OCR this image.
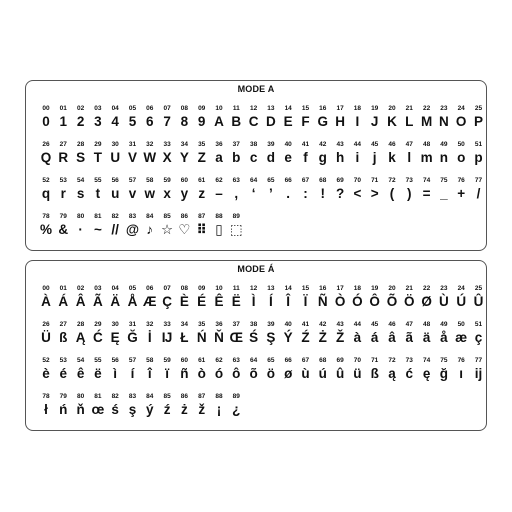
MODE A
00
0
01
1
02
2
03
3
04
4
05
5
06
6
07
7
08
8
09
9
10
A
11
B
12
C
13
D
14
E
15
F
16
G
17
H
18
I
19
J
20
K
21
L
22
M
23
N
24
O
25
P
26
Q
27
R
28
S
29
T
30
U
31
V
32
W
33
X
34
Y
35
Z
36
a
37
b
38
c
39
d
40
e
41
f
42
g
43
h
44
i
45
j
46
k
47
l
48
m
49
n
50
o
51
p
52
q
53
r
54
s
55
t
56
u
57
v
58
w
59
x
60
y
61
z
62
–
63
,
64
‘
65
’
66
.
67
:
68
!
69
?
70
<
71
>
72
(
73
)
74
=
75
_
76
+
77
/
78
%
79
&
80
·
81
~
82
//
83
@
84
♪
85
☆
86
♡
87
⠿
88
▯
89
⬚
MODE Á
00
À
01
Á
02
Â
03
Ã
04
Ä
05
Å
06
Æ
07
Ç
08
È
09
É
10
Ê
11
Ë
12
Ì
13
Í
14
Î
15
Ï
16
Ñ
17
Ò
18
Ó
19
Ô
20
Õ
21
Ö
22
Ø
23
Ù
24
Ú
25
Û
26
Ü
27
ß
28
Ą
29
Ć
30
Ę
31
Ğ
32
İ
33
Ĳ
34
Ł
35
Ń
36
Ň
37
Œ
38
Ś
39
Ş
40
Ý
41
Ź
42
Ż
43
Ž
44
à
45
á
46
â
47
ã
48
ä
49
å
50
æ
51
ç
52
è
53
é
54
ê
55
ë
56
ì
57
í
58
î
59
ï
60
ñ
61
ò
62
ó
63
ô
64
õ
65
ö
66
ø
67
ù
68
ú
69
û
70
ü
71
ß
72
ą
73
ć
74
ę
75
ğ
76
ı
77
ĳ
78
ł
79
ń
80
ň
81
œ
82
ś
83
ş
84
ý
85
ź
86
ż
87
ž
88
¡
89
¿
